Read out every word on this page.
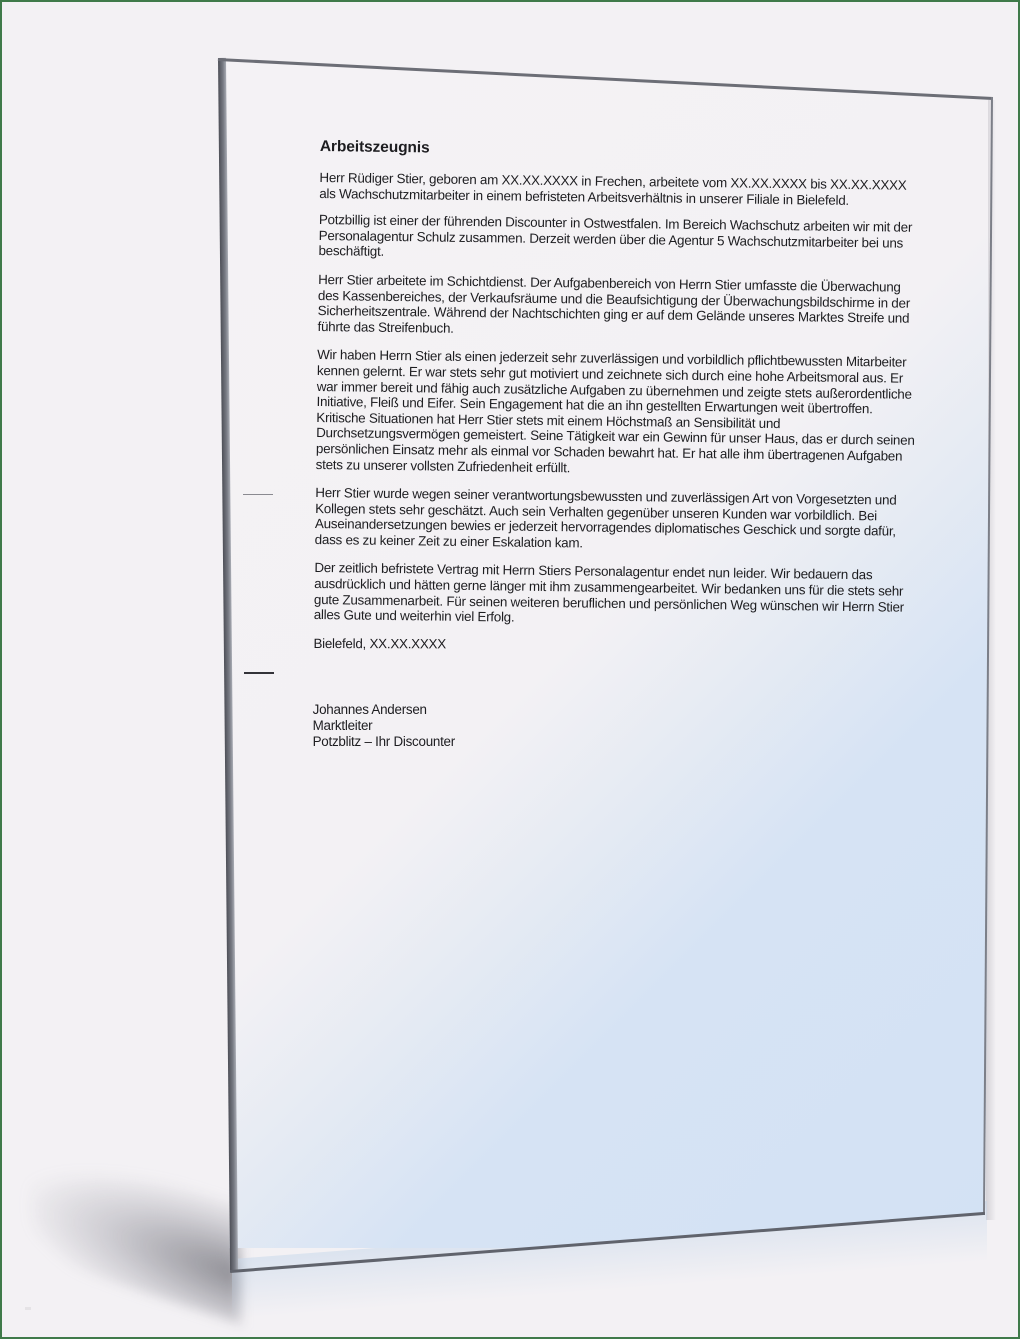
Arbeitszeugnis

Herr Rüdiger Stier, geboren am XX.XX.XXXX in Frechen, arbeitete vom XX.XX.XXXX bis XX.XX.XXXX als Wachschutzmitarbeiter in einem befristeten Arbeitsverhältnis in unserer Filiale in Bielefeld.

Potzbillig ist einer der führenden Discounter in Ostwestfalen. Im Bereich Wachschutz arbeiten wir mit der Personalagentur Schulz zusammen. Derzeit werden über die Agentur 5 Wachschutzmitarbeiter bei uns beschäftigt.

Herr Stier arbeitete im Schichtdienst. Der Aufgabenbereich von Herrn Stier umfasste die Überwachung des Kassenbereiches, der Verkaufsräume und die Beaufsichtigung der Überwachungsbildschirme in der Sicherheitszentrale. Während der Nachtschichten ging er auf dem Gelände unseres Marktes Streife und führte das Streifenbuch.

Wir haben Herrn Stier als einen jederzeit sehr zuverlässigen und vorbildlich pflichtbewussten Mitarbeiter kennen gelernt. Er war stets sehr gut motiviert und zeichnete sich durch eine hohe Arbeitsmoral aus. Er war immer bereit und fähig auch zusätzliche Aufgaben zu übernehmen und zeigte stets außerordentliche Initiative, Fleiß und Eifer. Sein Engagement hat die an ihn gestellten Erwartungen weit übertroffen. Kritische Situationen hat Herr Stier stets mit einem Höchstmaß an Sensibilität und Durchsetzungsvermögen gemeistert. Seine Tätigkeit war ein Gewinn für unser Haus, das er durch seinen persönlichen Einsatz mehr als einmal vor Schaden bewahrt hat. Er hat alle ihm übertragenen Aufgaben stets zu unserer vollsten Zufriedenheit erfüllt.

Herr Stier wurde wegen seiner verantwortungsbewussten und zuverlässigen Art von Vorgesetzten und Kollegen stets sehr geschätzt. Auch sein Verhalten gegenüber unseren Kunden war vorbildlich. Bei Auseinandersetzungen bewies er jederzeit hervorragendes diplomatisches Geschick und sorgte dafür, dass es zu keiner Zeit zu einer Eskalation kam.

Der zeitlich befristete Vertrag mit Herrn Stiers Personalagentur endet nun leider. Wir bedauern das ausdrücklich und hätten gerne länger mit ihm zusammengearbeitet. Wir bedanken uns für die stets sehr gute Zusammenarbeit. Für seinen weiteren beruflichen und persönlichen Weg wünschen wir Herrn Stier alles Gute und weiterhin viel Erfolg.

Bielefeld, XX.XX.XXXX
Johannes Andersen
Marktleiter
Potzblitz – Ihr Discounter
